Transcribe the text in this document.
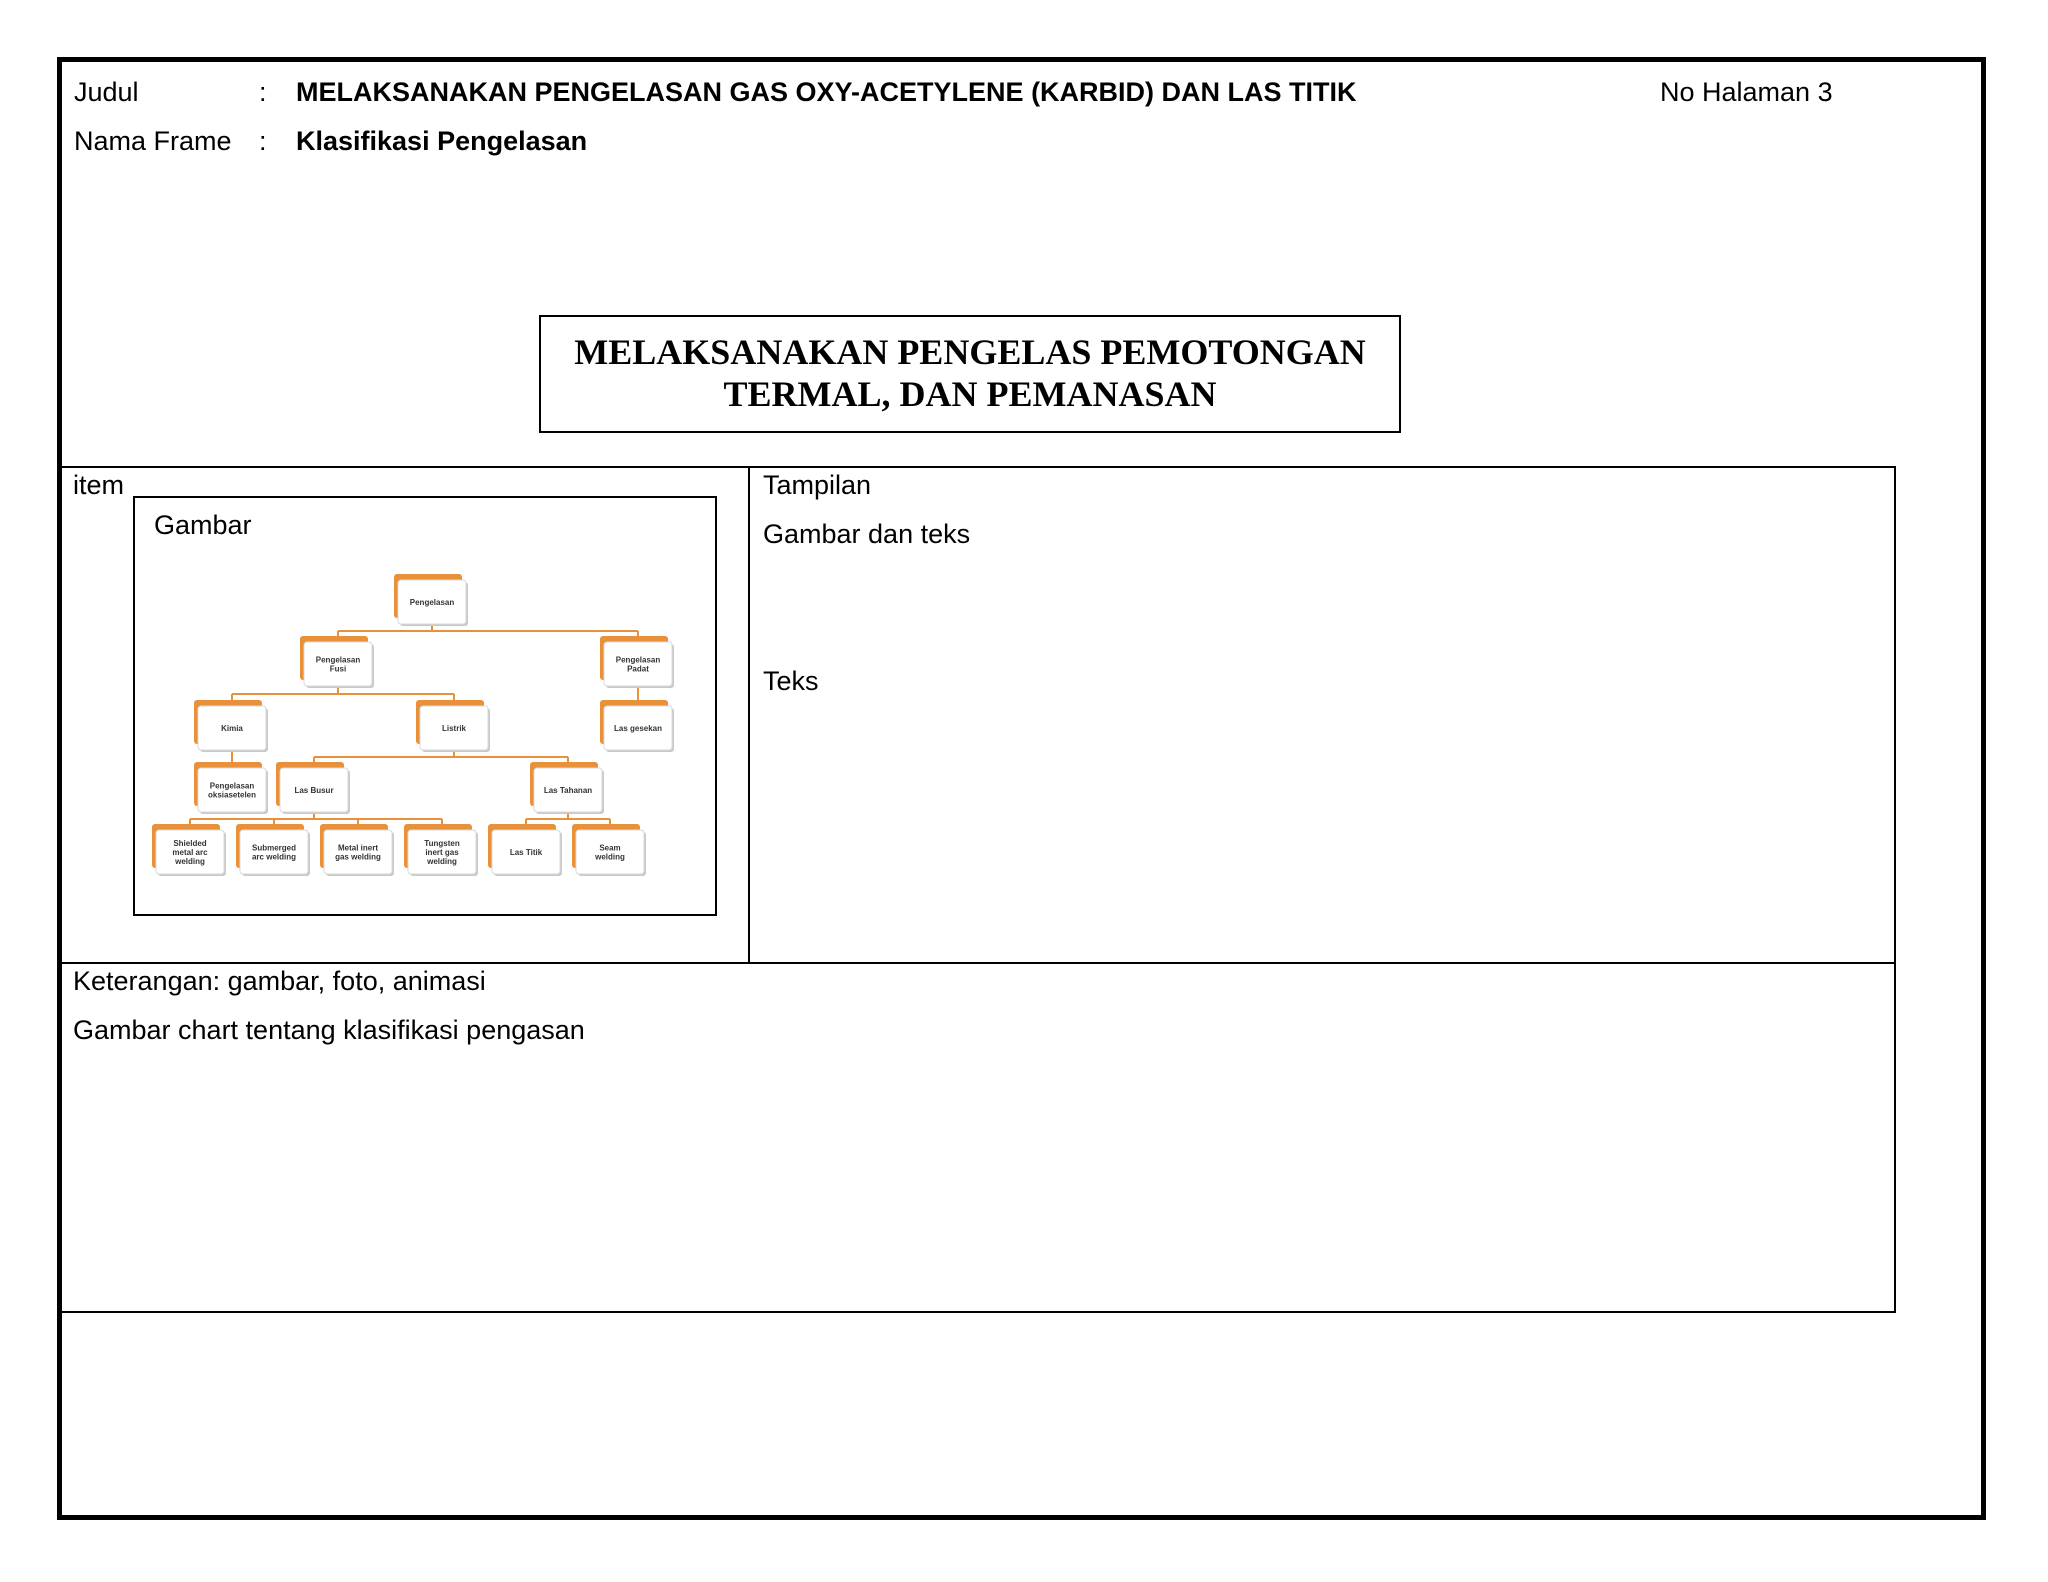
Judul	: MELAKSANAKAN PENGELASAN GAS OXY-ACETYLENE (KARBID) DAN LAS TITIK	No Halaman 3
Nama Frame : Klasifikasi Pengelasan
MELAKSANAKAN PENGELAS PEMOTONGAN
TERMAL, DAN PEMANASAN
item
Gambar
Pengelasan
Pengelasan
Fusi
Pengelasan
Padat
Kimia	Listrik	Las gesekan
Pengelasan
oksiasetelen	Las Busur	Las Tahanan
Shielded
metal arc
welding
Submerged
arc welding
Metal inert
gas welding
Tungsten
inert gas
welding
Las Titik	Seam
welding
Tampilan
Gambar dan teks
Teks
Keterangan: gambar, foto, animasi
Gambar chart tentang klasifikasi pengasan
